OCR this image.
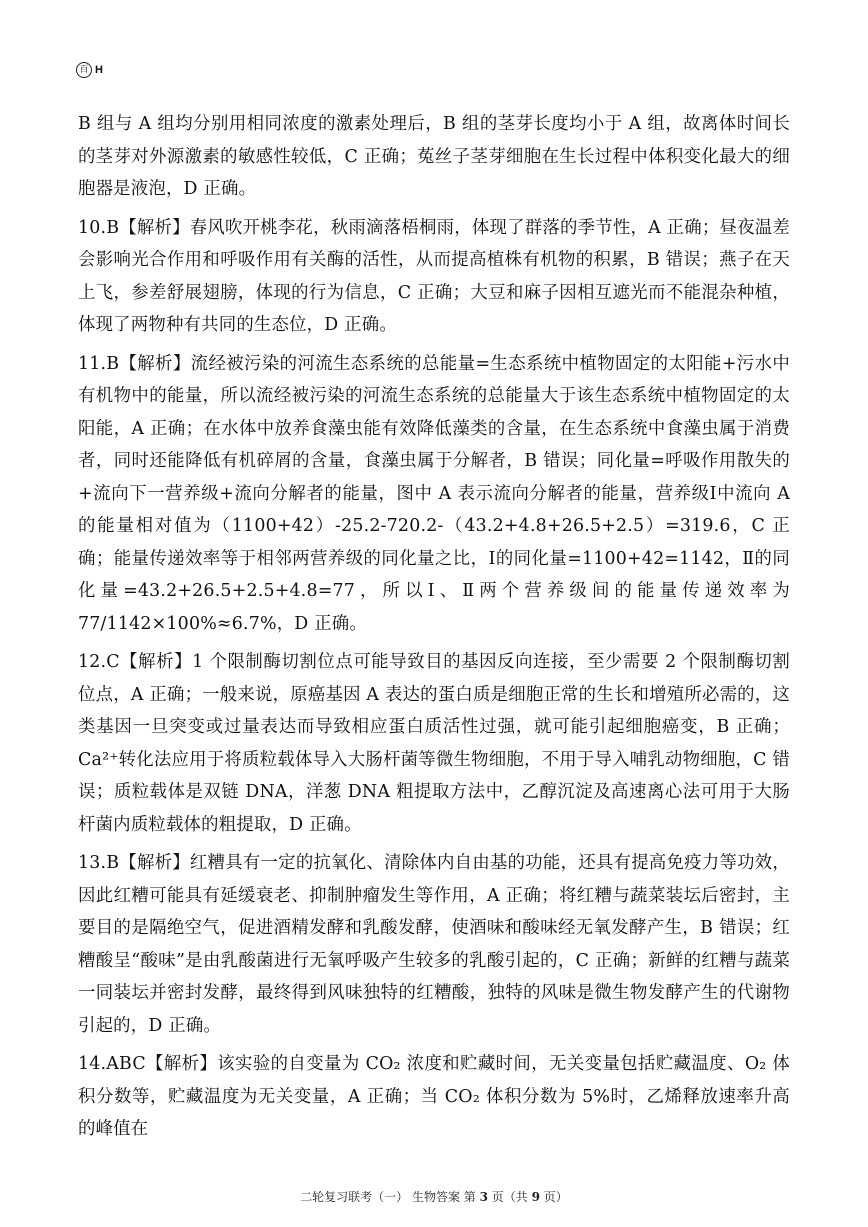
百 H

B 组与 A 组均分别用相同浓度的激素处理后，B 组的茎芽长度均小于 A 组，故离体时间长的茎芽对外源激素的敏感性较低，C 正确；菟丝子茎芽细胞在生长过程中体积变化最大的细胞器是液泡，D 正确。

10.B【解析】春风吹开桃李花，秋雨滴落梧桐雨，体现了群落的季节性，A 正确；昼夜温差会影响光合作用和呼吸作用有关酶的活性，从而提高植株有机物的积累，B 错误；燕子在天上飞，参差舒展翅膀，体现的行为信息，C 正确；大豆和麻子因相互遮光而不能混杂种植，体现了两物种有共同的生态位，D 正确。

11.B【解析】流经被污染的河流生态系统的总能量=生态系统中植物固定的太阳能+污水中有机物中的能量，所以流经被污染的河流生态系统的总能量大于该生态系统中植物固定的太阳能，A 正确；在水体中放养食藻虫能有效降低藻类的含量，在生态系统中食藻虫属于消费者，同时还能降低有机碎屑的含量，食藻虫属于分解者，B 错误；同化量=呼吸作用散失的+流向下一营养级+流向分解者的能量，图中 A 表示流向分解者的能量，营养级Ⅰ中流向 A 的能量相对值为（1100+42）-25.2-720.2-（43.2+4.8+26.5+2.5）=319.6，C 正确；能量传递效率等于相邻两营养级的同化量之比，Ⅰ的同化量=1100+42=1142，Ⅱ的同化量=43.2+26.5+2.5+4.8=77，所以Ⅰ、Ⅱ两个营养级间的能量传递效率为 77/1142×100%≈6.7%，D 正确。

12.C【解析】1 个限制酶切割位点可能导致目的基因反向连接，至少需要 2 个限制酶切割位点，A 正确；一般来说，原癌基因 A 表达的蛋白质是细胞正常的生长和增殖所必需的，这类基因一旦突变或过量表达而导致相应蛋白质活性过强，就可能引起细胞癌变，B 正确；Ca²⁺转化法应用于将质粒载体导入大肠杆菌等微生物细胞，不用于导入哺乳动物细胞，C 错误；质粒载体是双链 DNA，洋葱 DNA 粗提取方法中，乙醇沉淀及高速离心法可用于大肠杆菌内质粒载体的粗提取，D 正确。

13.B【解析】红糟具有一定的抗氧化、清除体内自由基的功能，还具有提高免疫力等功效，因此红糟可能具有延缓衰老、抑制肿瘤发生等作用，A 正确；将红糟与蔬菜装坛后密封，主要目的是隔绝空气，促进酒精发酵和乳酸发酵，使酒味和酸味经无氧发酵产生，B 错误；红糟酸呈“酸味”是由乳酸菌进行无氧呼吸产生较多的乳酸引起的，C 正确；新鲜的红糟与蔬菜一同装坛并密封发酵，最终得到风味独特的红糟酸，独特的风味是微生物发酵产生的代谢物引起的，D 正确。

14.ABC【解析】该实验的自变量为 CO₂ 浓度和贮藏时间，无关变量包括贮藏温度、O₂ 体积分数等，贮藏温度为无关变量，A 正确；当 CO₂ 体积分数为 5%时，乙烯释放速率升高的峰值在

二轮复习联考（一） 生物答案 第 3 页（共 9 页）
